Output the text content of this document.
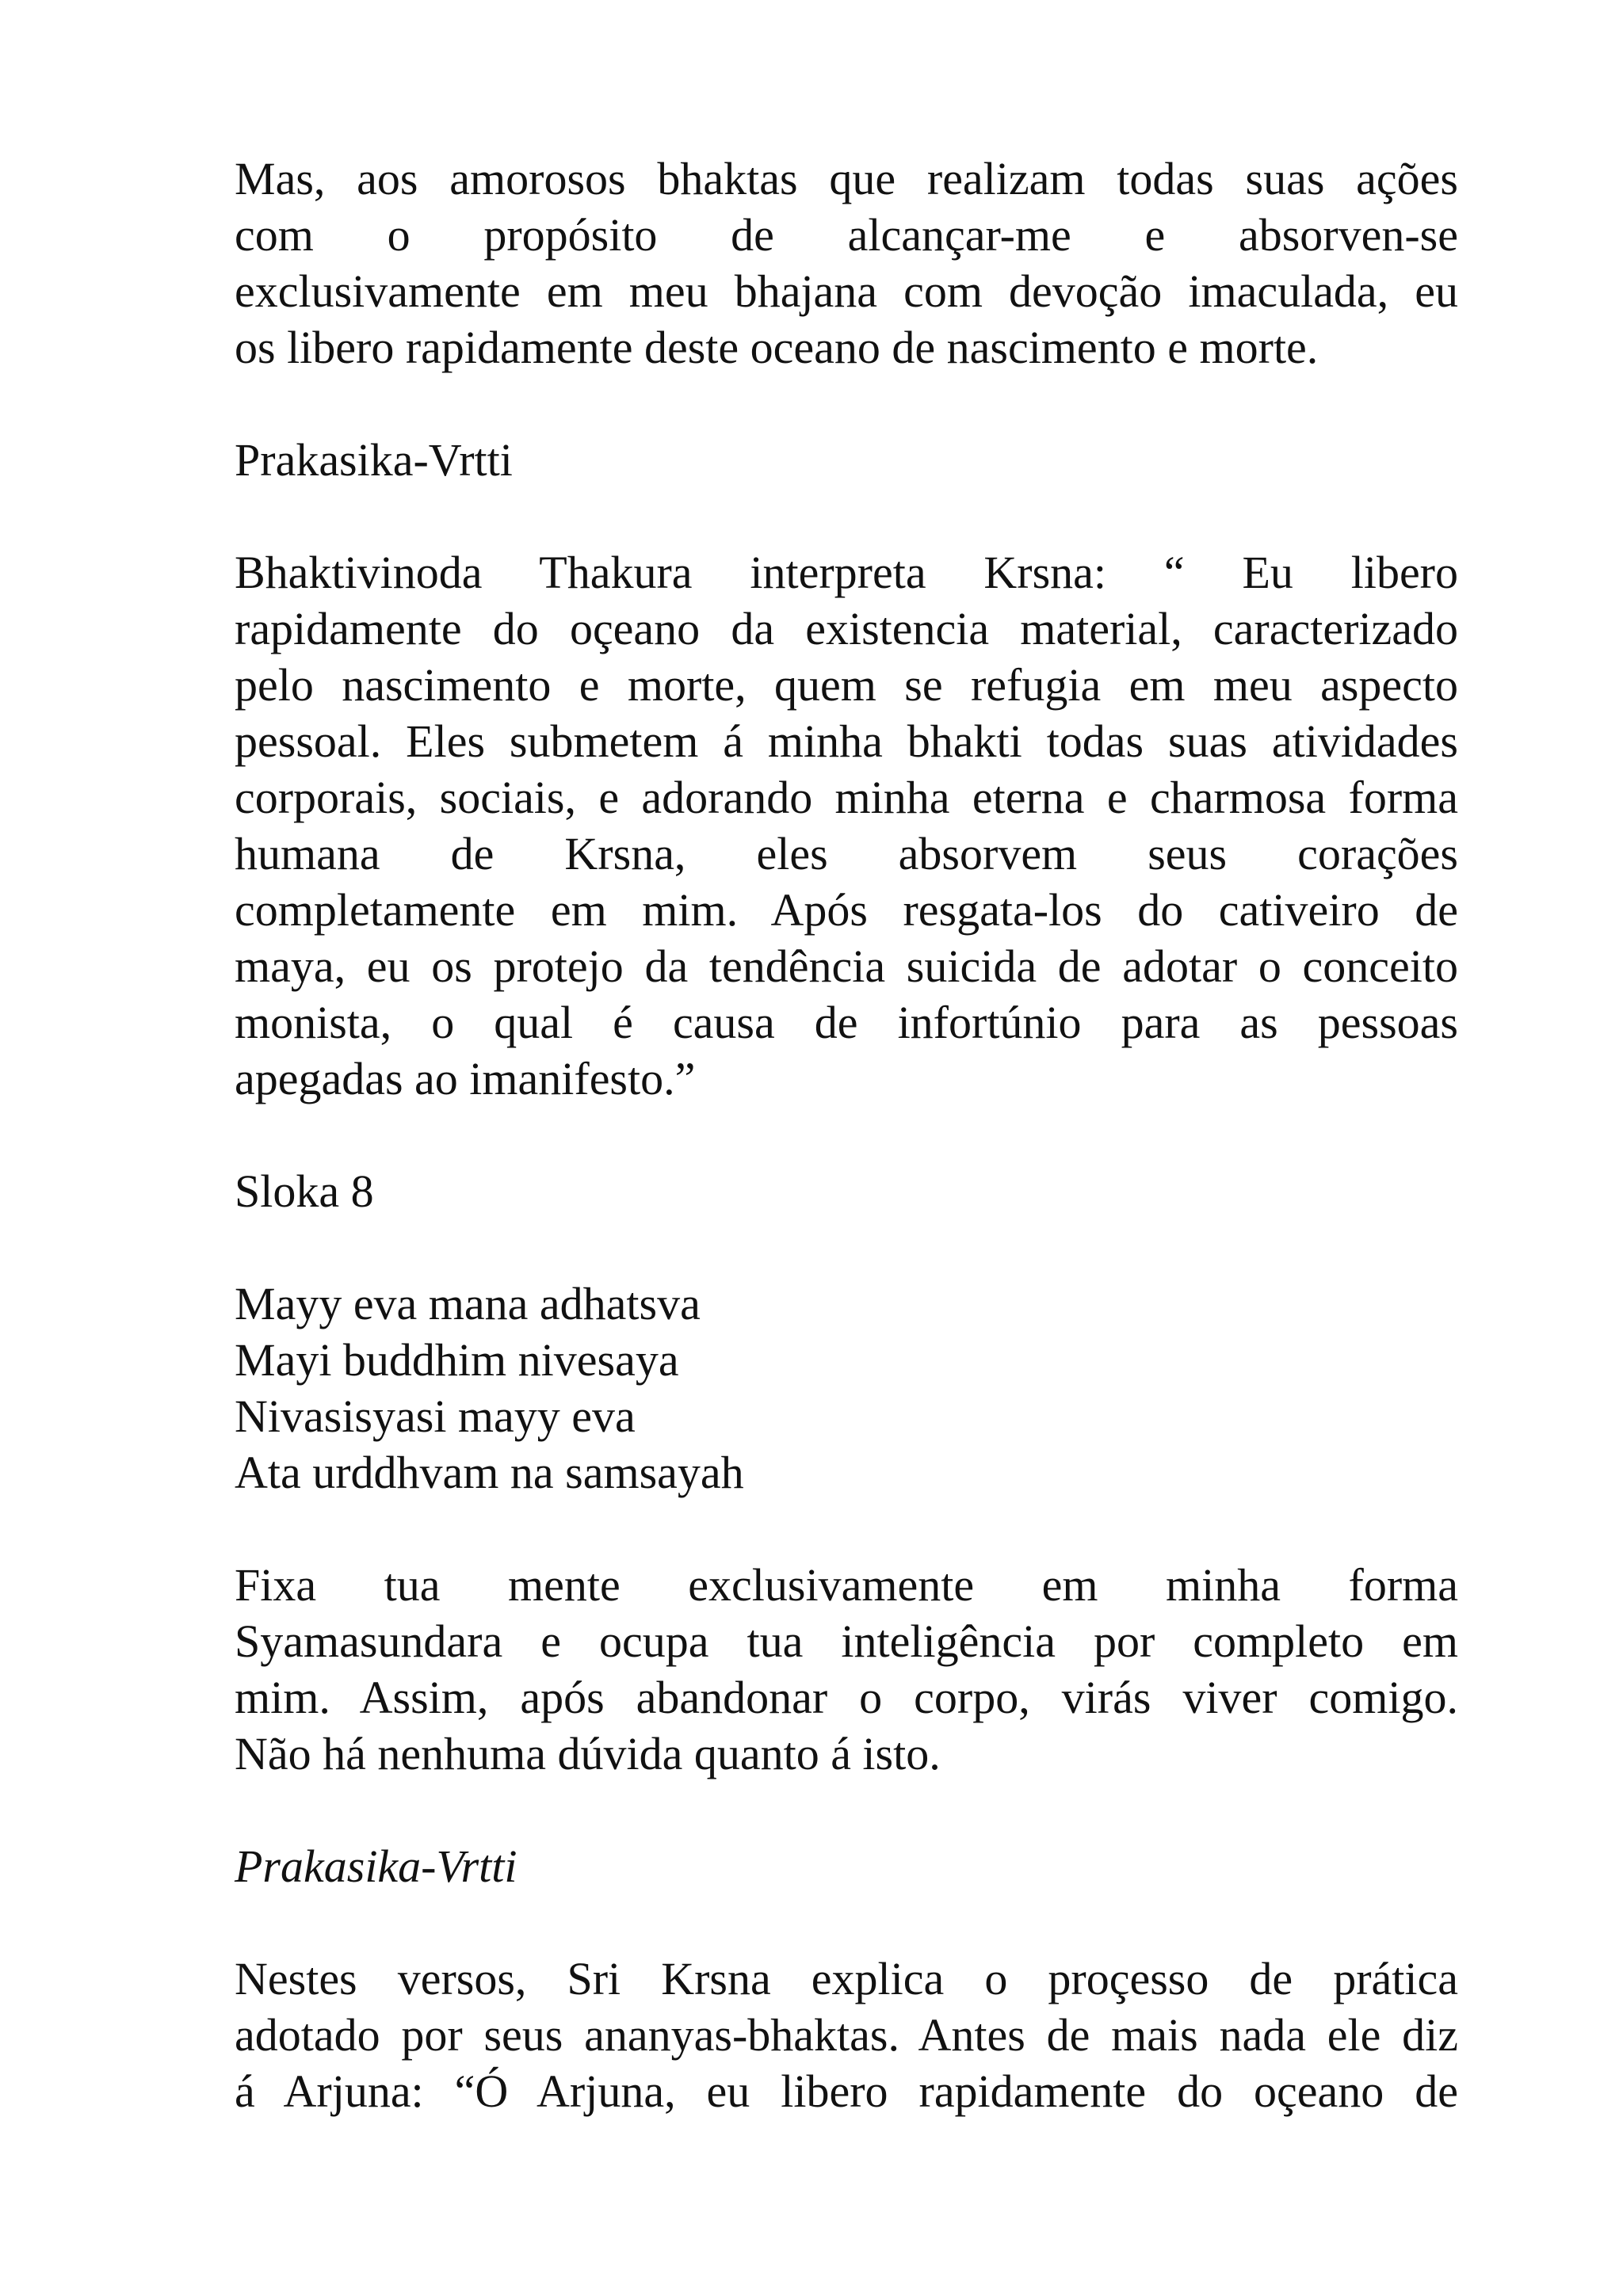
Mas, aos amorosos bhaktas que realizam todas suas ações
com o propósito de alcançar-me e absorven-se
exclusivamente em meu bhajana com devoção imaculada, eu
os libero rapidamente deste oceano de nascimento e morte.
Prakasika-Vrtti
Bhaktivinoda Thakura interpreta Krsna: “ Eu libero
rapidamente do oçeano da existencia material, caracterizado
pelo nascimento e morte, quem se refugia em meu aspecto
pessoal. Eles submetem á minha bhakti todas suas atividades
corporais, sociais, e adorando minha eterna e charmosa forma
humana de Krsna, eles absorvem seus corações
completamente em mim. Após resgata-los do cativeiro de
maya, eu os protejo da tendência suicida de adotar o conceito
monista, o qual é causa de infortúnio para as pessoas
apegadas ao imanifesto.”
Sloka 8
Mayy eva mana adhatsva
Mayi buddhim nivesaya
Nivasisyasi mayy eva
Ata urddhvam na samsayah
Fixa tua mente exclusivamente em minha forma
Syamasundara e ocupa tua inteligência por completo em
mim. Assim, após abandonar o corpo, virás viver comigo.
Não há nenhuma dúvida quanto á isto.
Prakasika-Vrtti
Nestes versos, Sri Krsna explica o proçesso de prática
adotado por seus ananyas-bhaktas. Antes de mais nada ele diz
á Arjuna: “Ó Arjuna, eu libero rapidamente do oçeano de
